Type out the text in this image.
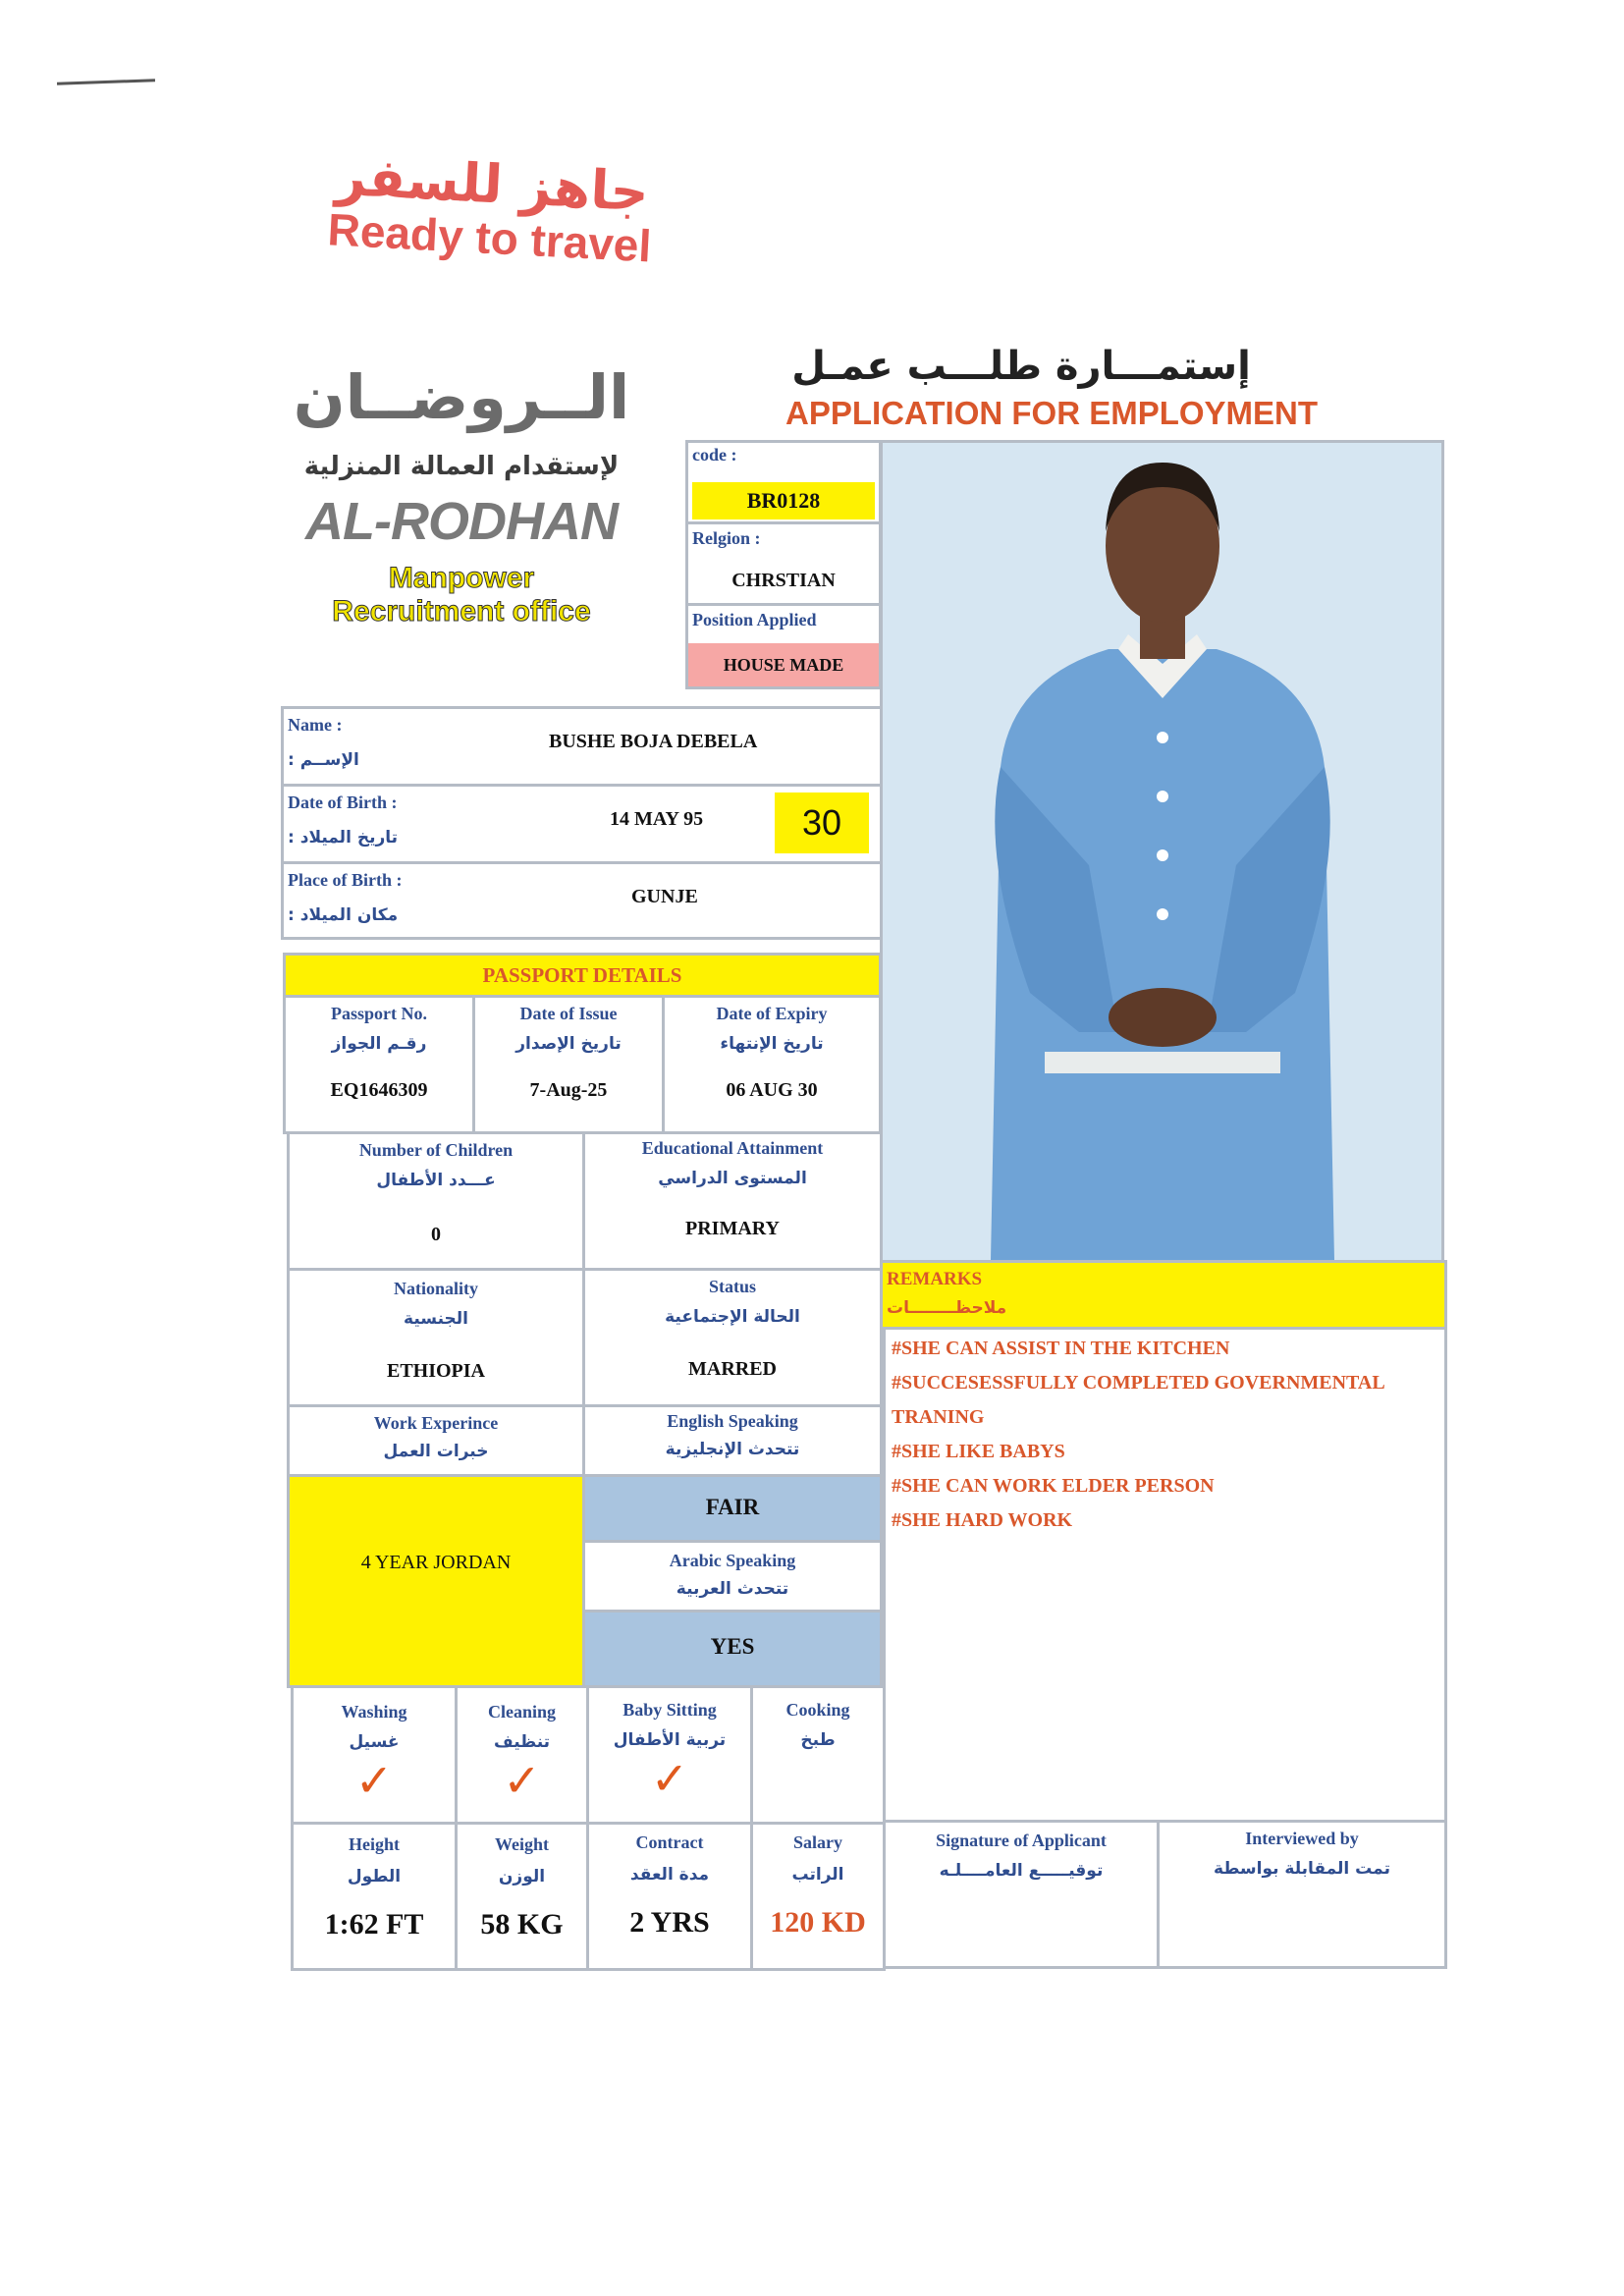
جاهز للسفر
Ready to travel
الــروضــان
لإستقدام العمالة المنزلية
AL-RODHAN
Manpower
Recruitment office
إستمـــارة طلـــب عمـل
APPLICATION FOR EMPLOYMENT
code :
BR0128
Relgion :
CHRSTIAN
Position Applied
HOUSE MADE
Name :
الإســم :
BUSHE BOJA DEBELA
Date of Birth :
تاريخ الميلاد :
14 MAY 95	30
Place of Birth :
مكان الميلاد :
GUNJE
PASSPORT DETAILS
Passport No.
رقـم الجواز
EQ1646309
Date of Issue
تاريخ الإصدار
7-Aug-25
Date of Expiry
تاريخ الإنتهاء
06 AUG 30
Number of Children
عـــدد الأطفال
0
Educational Attainment
المستوى الدراسي
PRIMARY
Nationality
الجنسية
ETHIOPIA
Status
الحالة الإجتماعية
MARRED
Work Experince
خبرات العمل
4 YEAR JORDAN
English Speaking
تتحدث الإنجليزية
FAIR
Arabic Speaking
تتحدث العربية
YES
Washing
غسيل
✓
Cleaning
تنظيف
✓
Baby Sitting
تربية الأطفال
✓
Cooking
طبخ
Height
الطول
1:62 FT
Weight
الوزن
58 KG
Contract
مدة العقد
2 YRS
Salary
الراتب
120 KD
REMARKS
ملاحظــــــــات
#SHE CAN ASSIST IN THE KITCHEN
#SUCCESESSFULLY COMPLETED GOVERNMENTAL
TRANING
#SHE LIKE BABYS
#SHE CAN WORK ELDER PERSON
#SHE HARD WORK
Signature of Applicant
توقيـــــع العامــــلـه
Interviewed by
تمت المقابلة بواسطة
